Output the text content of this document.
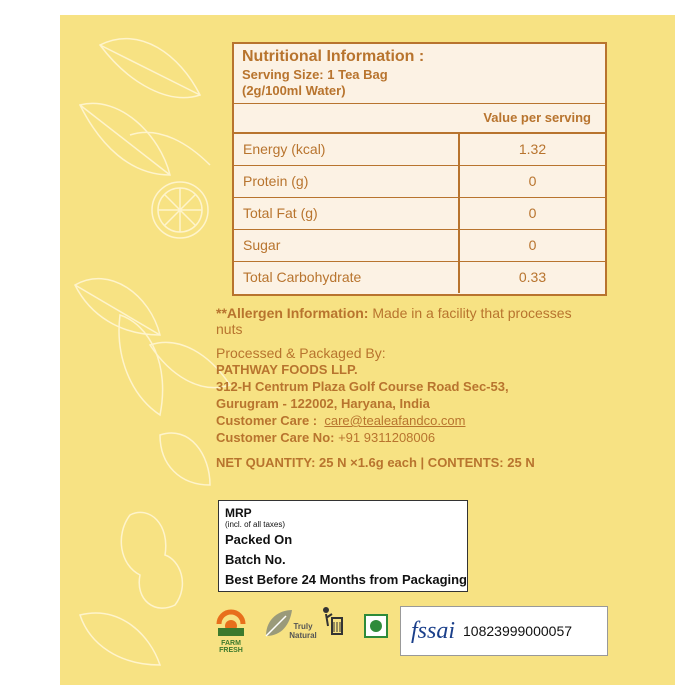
Nutritional Information :
Serving Size: 1 Tea Bag
(2g/100ml Water)
Value per serving
Energy (kcal)	1.32
Protein (g)	0
Total Fat (g)	0
Sugar	0
Total Carbohydrate	0.33
**Allergen Information: Made in a facility that processes nuts
Processed & Packaged By:
PATHWAY FOODS LLP.
312-H Centrum Plaza Golf Course Road Sec-53,
Gurugram - 122002, Haryana, India
Customer Care : care@tealeafandco.com
Customer Care No: +91 9311208006
NET QUANTITY: 25 N ×1.6g each | CONTENTS: 25 N
MRP
(incl. of all taxes)
Packed On
Batch No.
Best Before 24 Months from Packaging
FARM FRESH
Truly Natural	fssai 10823999000057
